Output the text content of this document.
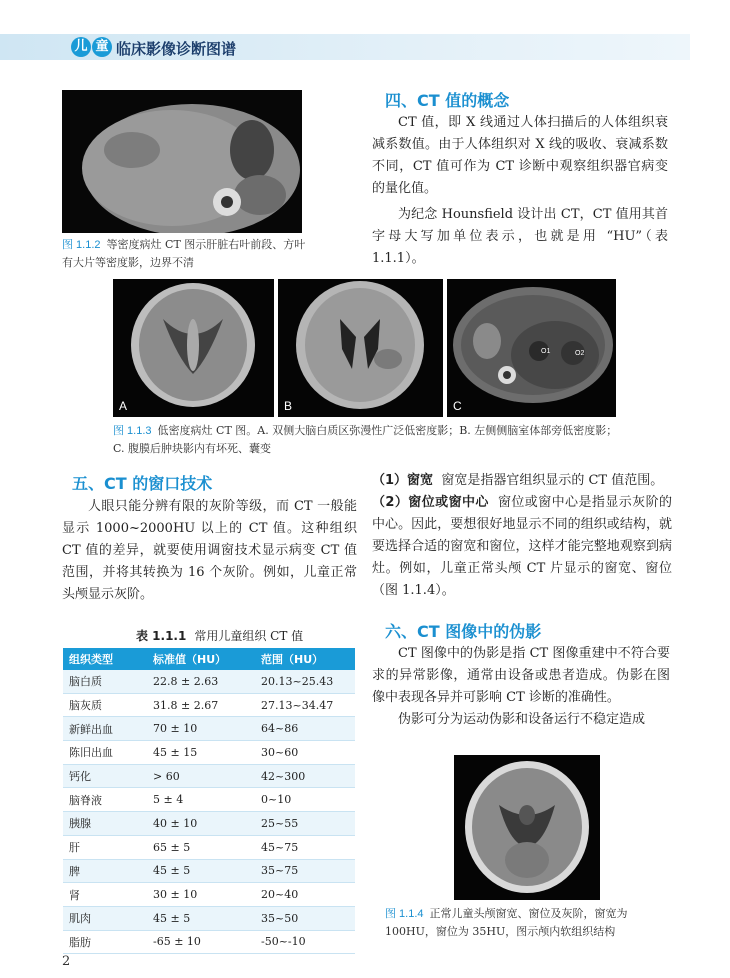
儿 童 临床影像诊断图谱
图 1.1.2 等密度病灶 CT 图示肝脏右叶前段、方叶有大片等密度影，边界不清
四、CT 值的概念

CT 值，即 X 线通过人体扫描后的人体组织衰减系数值。由于人体组织对 X 线的吸收、衰减系数不同，CT 值可作为 CT 诊断中观察组织器官病变的量化值。

为纪念 Hounsfield 设计出 CT，CT 值用其首字母大写加单位表示，也就是用 “HU”（表 1.1.1）。

A	B
O1	O2
C
图 1.1.3 低密度病灶 CT 图。A. 双侧大脑白质区弥漫性广泛低密度影；B. 左侧侧脑室体部旁低密度影；C. 腹膜后肿块影内有坏死、囊变
五、CT 的窗口技术

人眼只能分辨有限的灰阶等级，而 CT 一般能显示 1000~2000HU 以上的 CT 值。这种组织 CT 值的差异，就要使用调窗技术显示病变 CT 值范围，并将其转换为 16 个灰阶。例如，儿童正常头颅显示灰阶。

表 1.1.1 常用儿童组织 CT 值
组织类型	标准值（HU）	范围（HU）
脑白质	22.8 ± 2.63	20.13~25.43
脑灰质	31.8 ± 2.67	27.13~34.47
新鲜出血	70 ± 10	64~86
陈旧出血	45 ± 15	30~60
钙化	> 60	42~300
脑脊液	5 ± 4	0~10
胰腺	40 ± 10	25~55
肝	65 ± 5	45~75
脾	45 ± 5	35~75
肾	30 ± 10	20~40
肌肉	45 ± 5	35~50
脂肪	-65 ± 10	-50~-10

（1）窗宽 窗宽是指器官组织显示的 CT 值范围。

（2）窗位或窗中心 窗位或窗中心是指显示灰阶的中心。因此，要想很好地显示不同的组织或结构，就要选择合适的窗宽和窗位，这样才能完整地观察到病灶。例如，儿童正常头颅 CT 片显示的窗宽、窗位（图 1.1.4）。

六、CT 图像中的伪影

CT 图像中的伪影是指 CT 图像重建中不符合要求的异常影像，通常由设备或患者造成。伪影在图像中表现各异并可影响 CT 诊断的准确性。

伪影可分为运动伪影和设备运行不稳定造成

图 1.1.4 正常儿童头颅窗宽、窗位及灰阶，窗宽为 100HU，窗位为 35HU，图示颅内软组织结构
2
